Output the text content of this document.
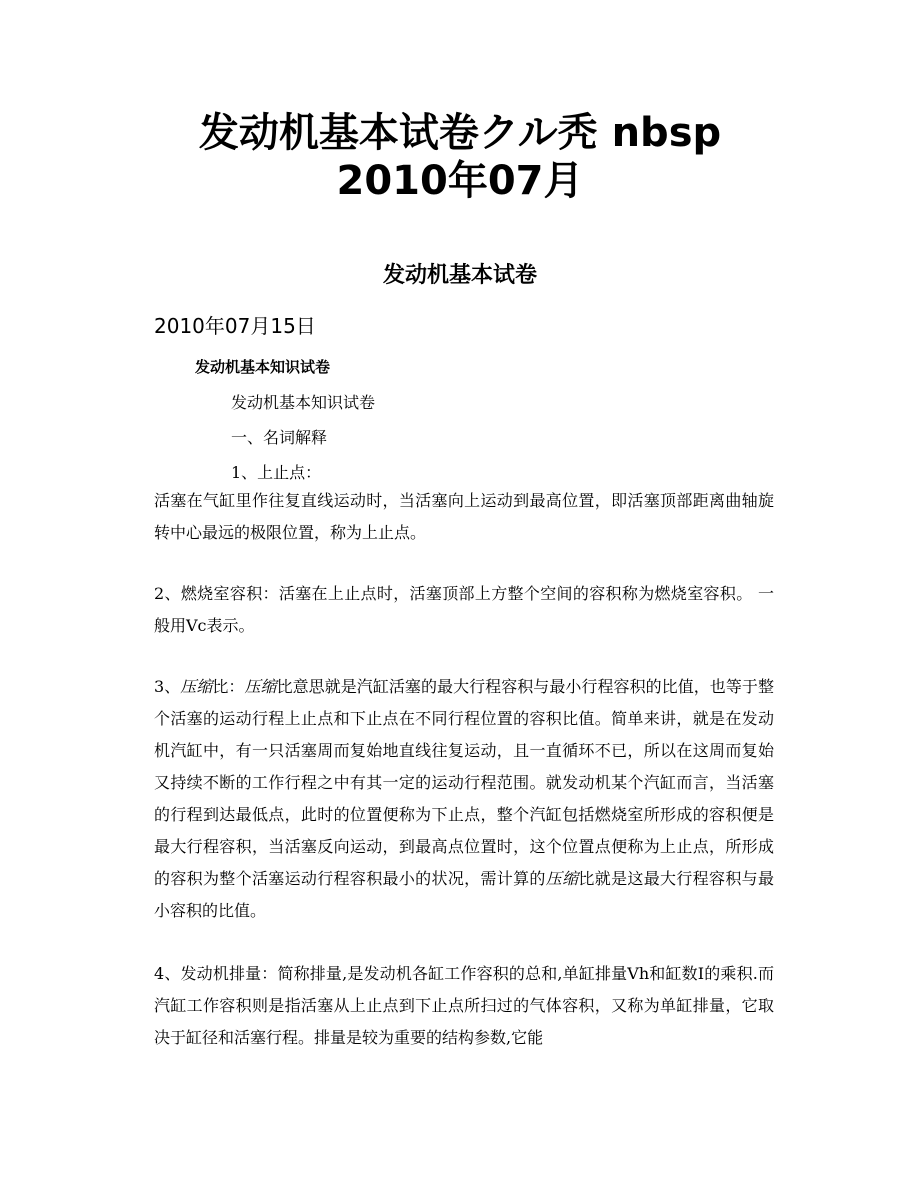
发动机基本试卷クル秃 nbsp
2010年07月
发动机基本试卷

2010年07月15日

发动机基本知识试卷

发动机基本知识试卷

一、名词解释

1、上止点：

活塞在气缸里作往复直线运动时，当活塞向上运动到最高位置，即活塞顶部距离曲轴旋转中心最远的极限位置，称为上止点。

2、燃烧室容积：活塞在上止点时，活塞顶部上方整个空间的容积称为燃烧室容积。 一般用Vc表示。

3、压缩比：压缩比意思就是汽缸活塞的最大行程容积与最小行程容积的比值，也等于整个活塞的运动行程上止点和下止点在不同行程位置的容积比值。简单来讲，就是在发动机汽缸中，有一只活塞周而复始地直线往复运动，且一直循环不已，所以在这周而复始又持续不断的工作行程之中有其一定的运动行程范围。就发动机某个汽缸而言，当活塞的行程到达最低点，此时的位置便称为下止点，整个汽缸包括燃烧室所形成的容积便是最大行程容积，当活塞反向运动，到最高点位置时，这个位置点便称为上止点，所形成的容积为整个活塞运动行程容积最小的状况，需计算的压缩比就是这最大行程容积与最小容积的比值。

4、发动机排量：简称排量,是发动机各缸工作容积的总和,单缸排量Vh和缸数I的乘积.而汽缸工作容积则是指活塞从上止点到下止点所扫过的气体容积，又称为单缸排量，它取决于缸径和活塞行程。排量是较为重要的结构参数,它能
